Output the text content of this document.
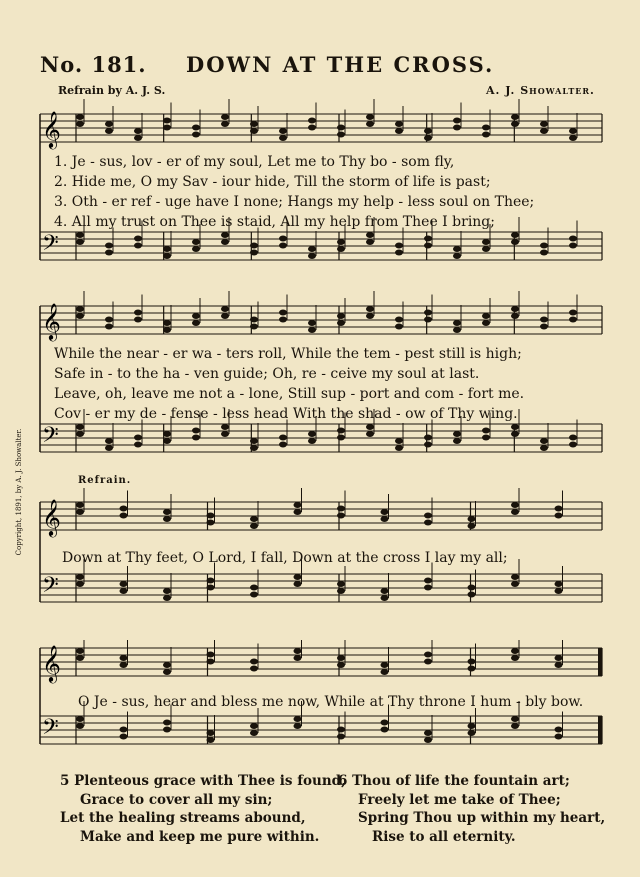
No. 181. DOWN AT THE CROSS.
Refrain by A. J. S.	A. J. Showalter.
Copyright, 1891, by A. J. Showalter.
𝄞
𝄢
1. Je - sus, lov - er of my soul, Let me to Thy bo - som fly,
2. Hide me, O my Sav - iour hide, Till the storm of life is past;
3. Oth - er ref - uge have I none; Hangs my help - less soul on Thee;
4. All my trust on Thee is staid, All my help from Thee I bring;
𝄞
𝄢
While the near - er wa - ters roll, While the tem - pest still is high;
Safe in - to the ha - ven guide; Oh, re - ceive my soul at last.
Leave, oh, leave me not a - lone, Still sup - port and com - fort me.
Cov - er my de - fense - less head With the shad - ow of Thy wing.
Refrain.
𝄞
𝄢
Down at Thy feet, O Lord, I fall, Down at the cross I lay my all;
𝄞
𝄢
O Je - sus, hear and bless me now, While at Thy throne I hum - bly bow.
5 Plenteous grace with Thee is found,
Grace to cover all my sin;
Let the healing streams abound,
Make and keep me pure within.
6 Thou of life the fountain art;
Freely let me take of Thee;
Spring Thou up within my heart,
Rise to all eternity.
